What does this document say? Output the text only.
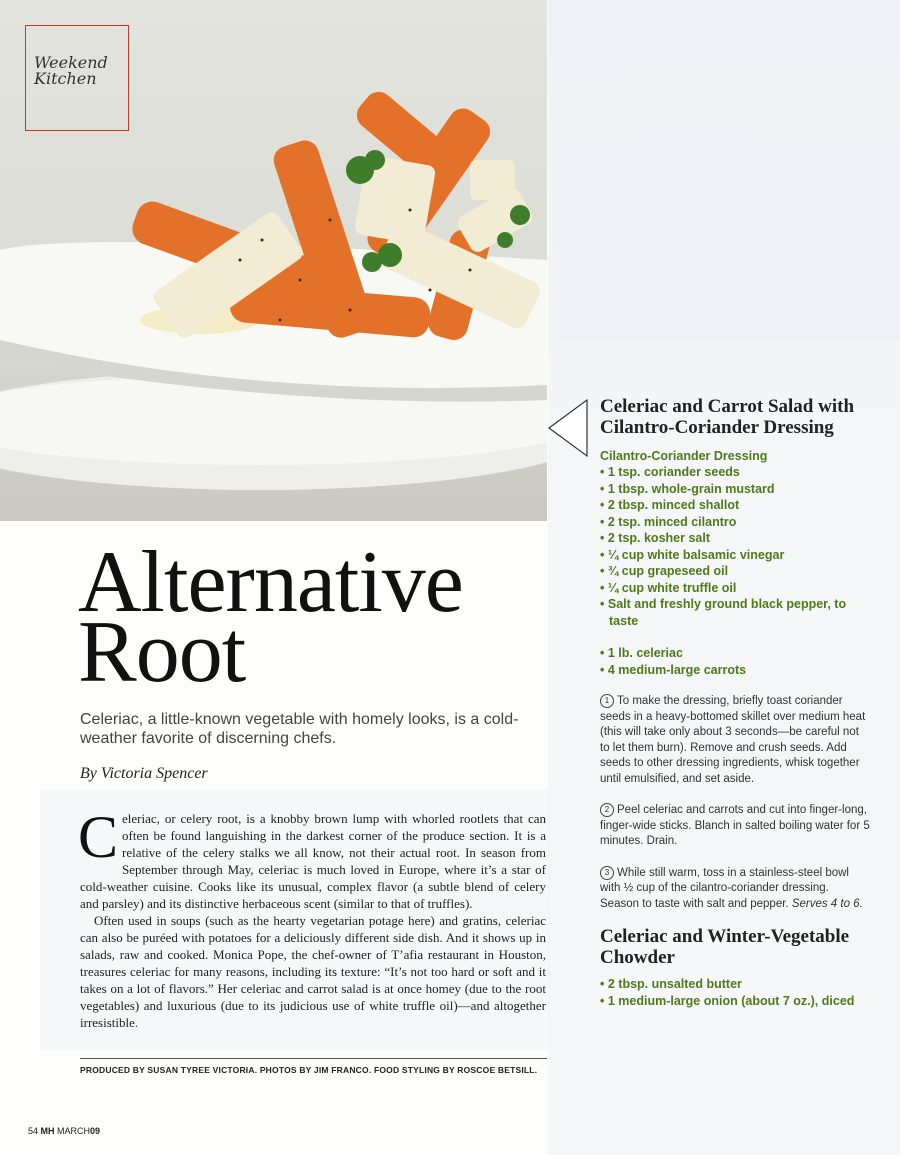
Weekend
Kitchen
Alternative
Root
Celeriac, a little-known vegetable with homely looks, is a cold-weather favorite of discerning chefs.
By Victoria Spencer
C eleriac, or celery root, is a knobby brown lump with whorled rootlets that can often be found languishing in the darkest corner of the produce section. It is a relative of the celery stalks we all know, not their actual root. In season from September through May, celeriac is much loved in Europe, where it’s a star of cold-weather cuisine. Cooks like its unusual, complex flavor (a subtle blend of celery and parsley) and its distinctive herbaceous scent (similar to that of truffles).

Often used in soups (such as the hearty vegetarian potage here) and gratins, celeriac can also be puréed with potatoes for a deliciously different side dish. And it shows up in salads, raw and cooked. Monica Pope, the chef-owner of T’afia restaurant in Houston, treasures celeriac for many reasons, including its texture: “It’s not too hard or soft and it takes on a lot of flavors.” Her celeriac and carrot salad is at once homey (due to the root vegetables) and luxurious (due to its judicious use of white truffle oil)—and altogether irresistible.

PRODUCED BY SUSAN TYREE VICTORIA. PHOTOS BY JIM FRANCO. FOOD STYLING BY ROSCOE BETSILL.
54 MH MARCH09
Celeriac and Carrot Salad with Cilantro-Coriander Dressing
Cilantro-Coriander Dressing
• 1 tsp. coriander seeds
• 1 tbsp. whole-grain mustard
• 2 tbsp. minced shallot
• 2 tsp. minced cilantro
• 2 tsp. kosher salt
• ¼ cup white balsamic vinegar
• ¾ cup grapeseed oil
• ¼ cup white truffle oil
• Salt and freshly ground black pepper, to taste
• 1 lb. celeriac
• 4 medium-large carrots

1 To make the dressing, briefly toast coriander seeds in a heavy-bottomed skillet over medium heat (this will take only about 3 seconds—be careful not to let them burn). Remove and crush seeds. Add seeds to other dressing ingredients, whisk together until emulsified, and set aside.

2 Peel celeriac and carrots and cut into finger-long, finger-wide sticks. Blanch in salted boiling water for 5 minutes. Drain.

3 While still warm, toss in a stainless-steel bowl with ½ cup of the cilantro-coriander dressing. Season to taste with salt and pepper. Serves 4 to 6.

Celeriac and Winter-Vegetable Chowder
• 2 tbsp. unsalted butter
• 1 medium-large onion (about 7 oz.), diced
